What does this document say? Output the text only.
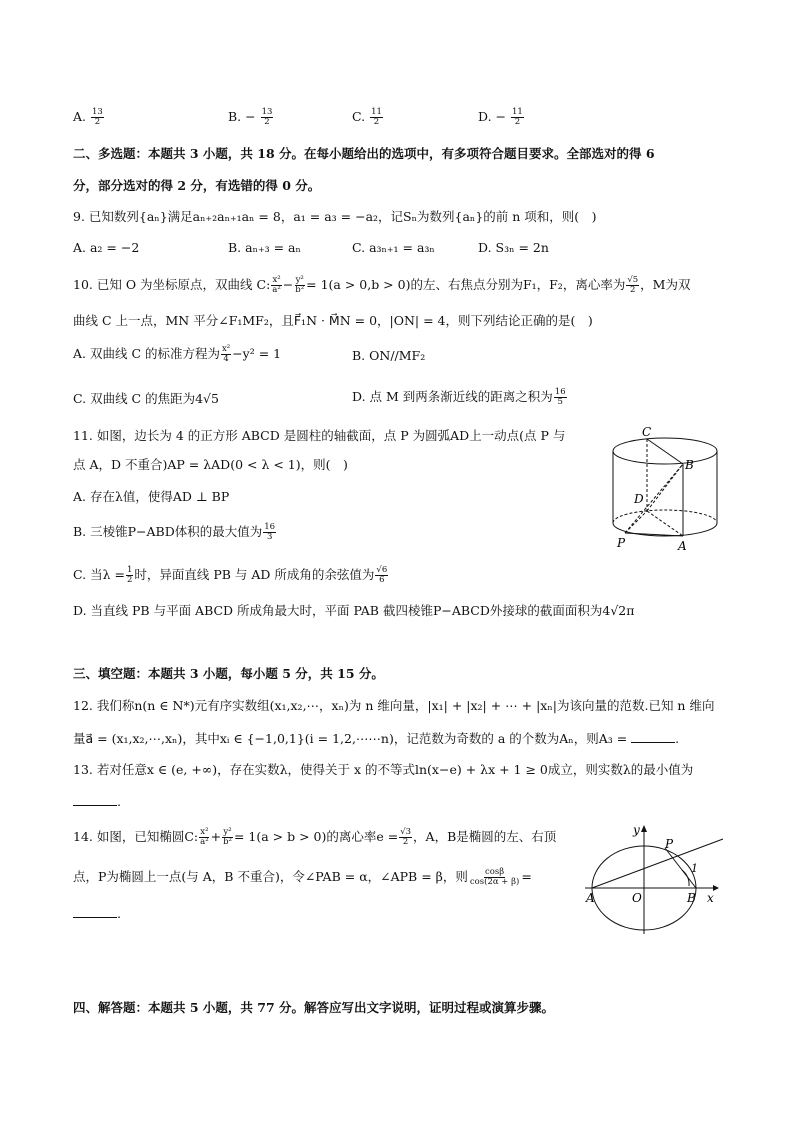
A. $\frac{13}{2}$	B. − $\frac{13}{2}$	C. $\frac{11}{2}$	D. − $\frac{11}{2}$
二、多选题：本题共 3 小题，共 18 分。在每小题给出的选项中，有多项符合题目要求。全部选对的得 6
分，部分选对的得 2 分，有选错的得 0 分。
9. 已知数列{aₙ}满足aₙ₊₂aₙ₊₁aₙ = 8，a₁ = a₃ = −a₂，记Sₙ为数列{aₙ}的前 n 项和，则(　)
A. a₂ = −2	B. aₙ₊₃ = aₙ	C. a₃ₙ₊₁ = a₃ₙ	D. S₃ₙ = 2n
10. 已知 O 为坐标原点，双曲线 C: $\frac{\text{x²}}{\text{a²}} - \frac{\text{y²}}{\text{b²}} = 1(a > 0,b > 0)$的左、右焦点分别为F₁，F₂，离心率为 $\frac{√5}{2}$ ，M为双
曲线 C 上一点，MN 平分∠F₁MF₂，且F⃗₁N · M⃗N = 0，|ON| = 4，则下列结论正确的是(　)
A. 双曲线 C 的标准方程为 $\frac{\text{x²}}{4} -y^2 = 1$	B. ON//MF₂
C. 双曲线 C 的焦距为4√5	D. 点 M 到两条渐近线的距离之积为 $\frac{16}{5}$
11. 如图，边长为 4 的正方形 ABCD 是圆柱的轴截面，点 P 为圆弧AD上一动点(点 P 与
点 A，D 不重合)AP = λAD(0 < λ < 1)，则(　)
A. 存在λ值，使得AD ⊥ BP
B. 三棱锥P−ABD体积的最大值为 $\frac{16}{3}$
C. 当$\lambda = \frac{1}{2}$ 时，异面直线 PB 与 AD 所成角的余弦值为 $\frac{√6}{6}$
D. 当直线 PB 与平面 ABCD 所成角最大时，平面 PAB 截四棱锥P−ABCD外接球的截面面积为4√2π
C
B
D
P	A
三、填空题：本题共 3 小题，每小题 5 分，共 15 分。
12. 我们称n(n ∈ N*)元有序实数组(x₁,x₂,⋯，xₙ)为 n 维向量，|x₁| + |x₂| + ⋯ + |xₙ|为该向量的范数.已知 n 维向
量a⃗ = (x₁,x₂,⋯,xₙ)，其中xᵢ ∈ {−1,0,1}(i = 1,2,⋯⋯n)，记范数为奇数的 a 的个数为Aₙ，则A₃ =	.
13. 若对任意x ∈ (e, +∞)，存在实数λ，使得关于 x 的不等式ln(x−e) + λx + 1 ≥ 0成立，则实数λ的最小值为
.
14. 如图，已知椭圆C: $\frac{\text{x²}}{\text{a²}} + \frac{\text{y²}}{\text{b²}} = 1(a > b > 0)$的离心率$e = \frac{√3}{2}$ ，A，B是椭圆的左、右顶
点，P为椭圆上一点(与 A，B 不重合)，令∠PAB = α，∠APB = β，则 $\frac{\cos\beta}{\cos(2\alpha + \beta)}$ =
.
y
P
1
A	O	B x
四、解答题：本题共 5 小题，共 77 分。解答应写出文字说明，证明过程或演算步骤。
